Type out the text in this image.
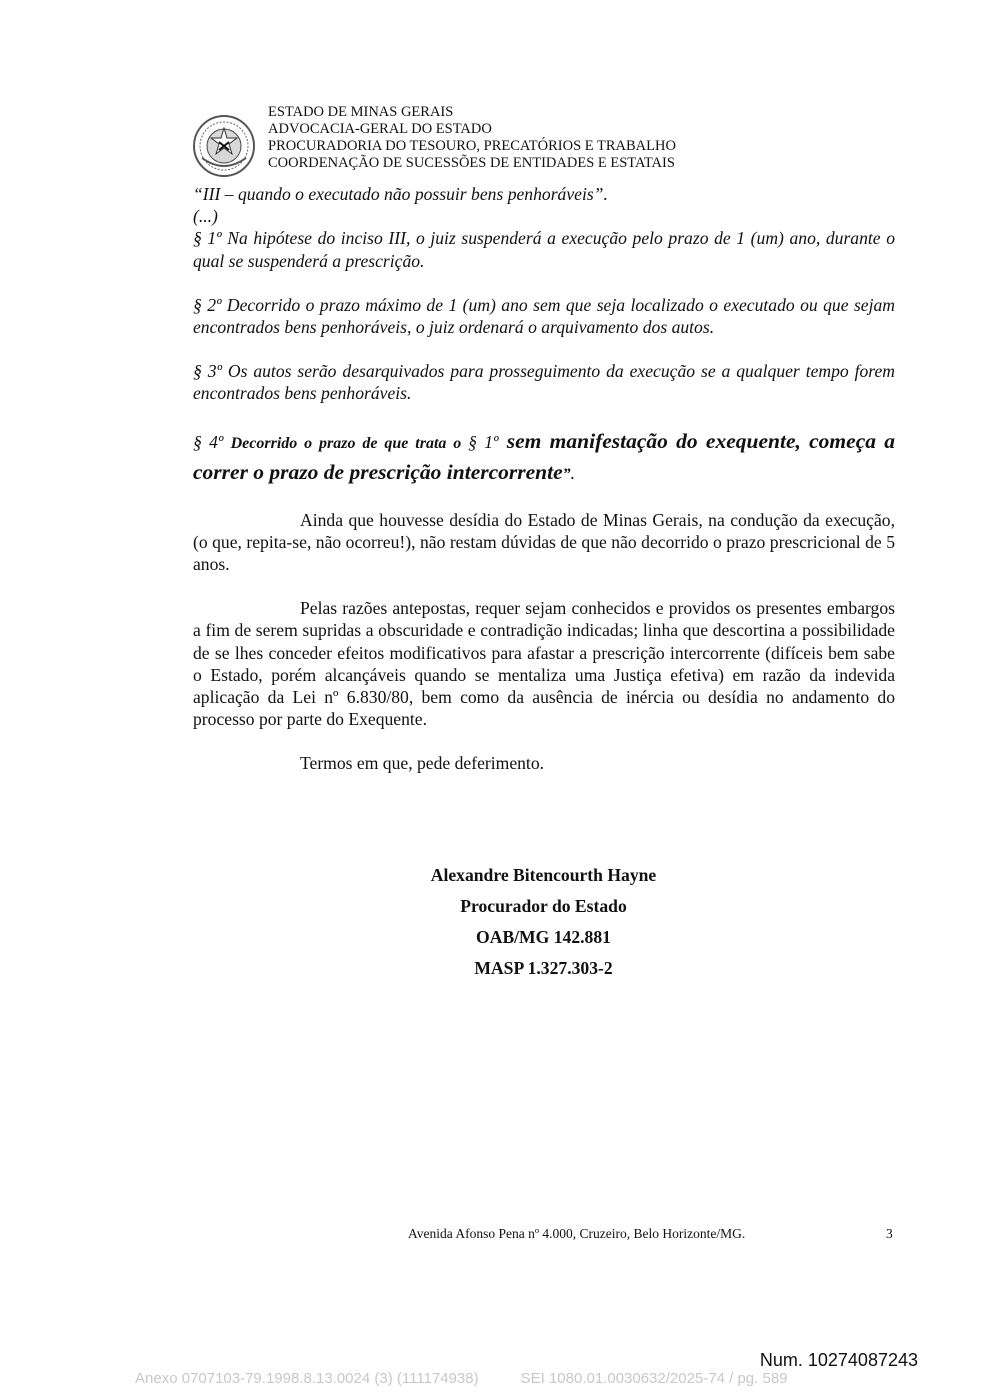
ESTADO DE MINAS GERAIS
ADVOCACIA-GERAL DO ESTADO
PROCURADORIA DO TESOURO, PRECATÓRIOS E TRABALHO
COORDENAÇÃO DE SUCESSÕES DE ENTIDADES E ESTATAIS

“III – quando o executado não possuir bens penhoráveis”.

(...)

§ 1º Na hipótese do inciso III, o juiz suspenderá a execução pelo prazo de 1 (um) ano, durante o qual se suspenderá a prescrição.

§ 2º Decorrido o prazo máximo de 1 (um) ano sem que seja localizado o executado ou que sejam encontrados bens penhoráveis, o juiz ordenará o arquivamento dos autos.

§ 3º Os autos serão desarquivados para prosseguimento da execução se a qualquer tempo forem encontrados bens penhoráveis.

§ 4º Decorrido o prazo de que trata o § 1º sem manifestação do exequente, começa a correr o prazo de prescrição intercorrente”.

Ainda que houvesse desídia do Estado de Minas Gerais, na condução da execução, (o que, repita-se, não ocorreu!), não restam dúvidas de que não decorrido o prazo prescricional de 5 anos.

Pelas razões antepostas, requer sejam conhecidos e providos os presentes embargos a fim de serem supridas a obscuridade e contradição indicadas; linha que descortina a possibilidade de se lhes conceder efeitos modificativos para afastar a prescrição intercorrente (difíceis bem sabe o Estado, porém alcançáveis quando se mentaliza uma Justiça efetiva) em razão da indevida aplicação da Lei nº 6.830/80, bem como da ausência de inércia ou desídia no andamento do processo por parte do Exequente.

Termos em que, pede deferimento.

Alexandre Bitencourth Hayne
Procurador do Estado
OAB/MG 142.881
MASP 1.327.303-2
Avenida Afonso Pena nº 4.000, Cruzeiro, Belo Horizonte/MG.	3
Num. 10274087243
Anexo 0707103-79.1998.8.13.0024 (3) (111174938)	SEI 1080.01.0030632/2025-74 / pg. 589
